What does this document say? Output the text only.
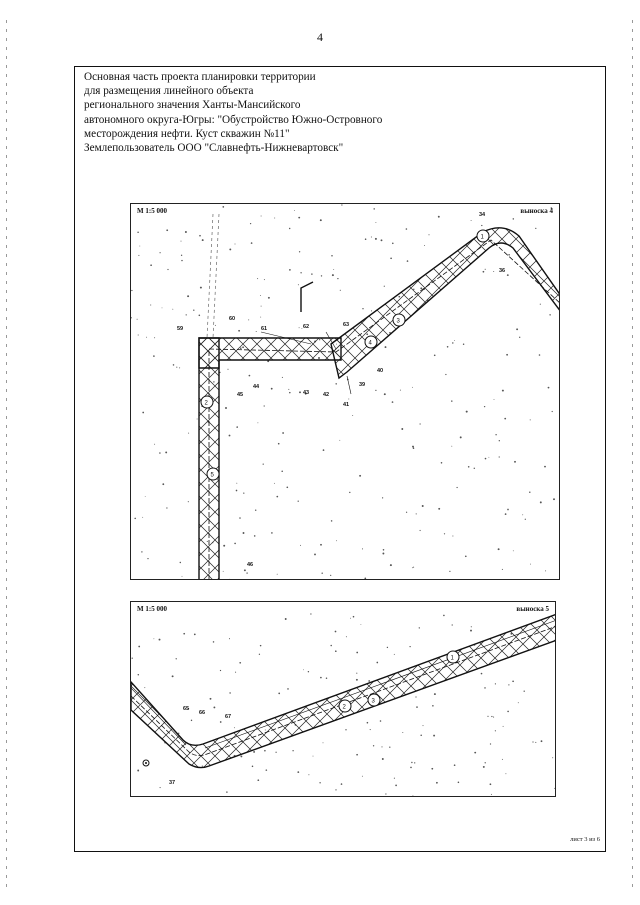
4
Основная часть проекта планировки территории
для размещения линейного объекта
регионального значения Ханты-Мансийского
автономного округа-Югры: "Обустройство Южно-Островного
месторождения нефти. Куст скважин №11"
Землепользователь ООО "Славнефть-Нижневартовск"
1
3
4
2
5
34
36
39
40
41
42
43
44
45
46
59
60
61	62	63
М 1:5 000	выноска 4
1
2
3
65
66
67
37
М 1:5 000	выноска 5
лист 3 из 6
